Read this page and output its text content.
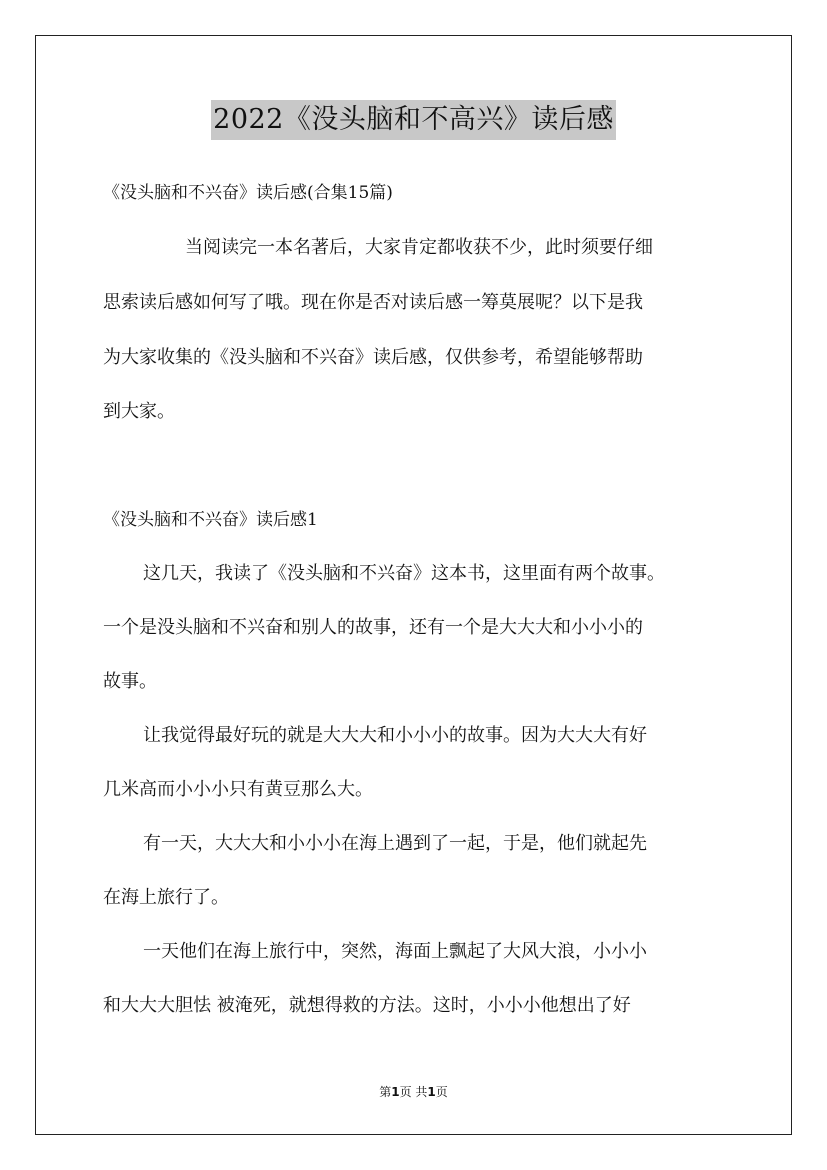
2022《没头脑和不高兴》读后感
《没头脑和不兴奋》读后感(合集15篇)
当阅读完一本名著后，大家肯定都收获不少，此时须要仔细
思索读后感如何写了哦。现在你是否对读后感一筹莫展呢？以下是我
为大家收集的《没头脑和不兴奋》读后感，仅供参考，希望能够帮助
到大家。
《没头脑和不兴奋》读后感1
这几天，我读了《没头脑和不兴奋》这本书，这里面有两个故事。
一个是没头脑和不兴奋和别人的故事，还有一个是大大大和小小小的
故事。
让我觉得最好玩的就是大大大和小小小的故事。因为大大大有好
几米高而小小小只有黄豆那么大。
有一天，大大大和小小小在海上遇到了一起，于是，他们就起先
在海上旅行了。
一天他们在海上旅行中，突然，海面上飘起了大风大浪，小小小
和大大大胆怯 被淹死，就想得救的方法。这时，小小小他想出了好
第1页 共1页
